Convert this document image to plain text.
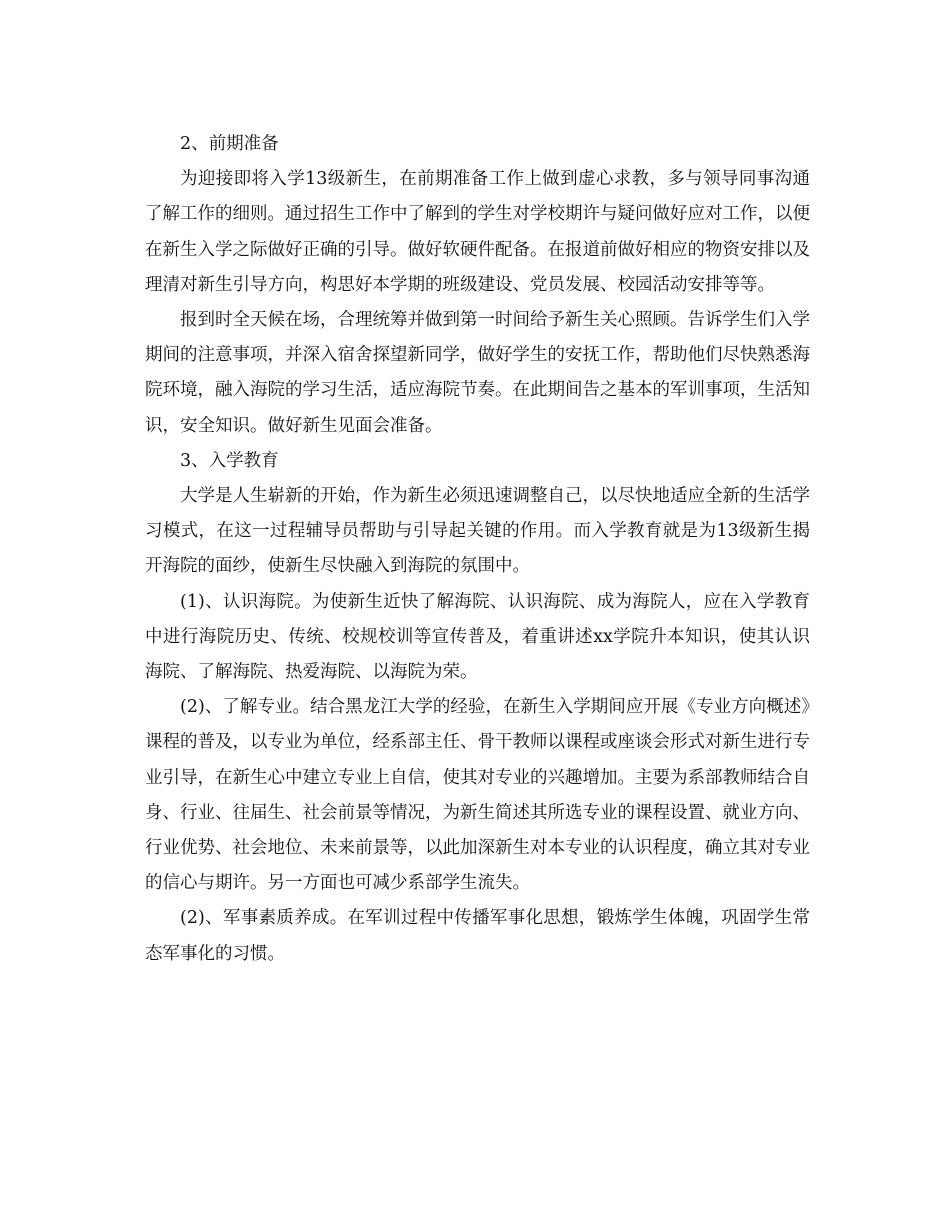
2、前期准备

为迎接即将入学13级新生，在前期准备工作上做到虚心求教，多与领导同事沟通了解工作的细则。通过招生工作中了解到的学生对学校期许与疑问做好应对工作，以便在新生入学之际做好正确的引导。做好软硬件配备。在报道前做好相应的物资安排以及理清对新生引导方向，构思好本学期的班级建设、党员发展、校园活动安排等等。

报到时全天候在场，合理统筹并做到第一时间给予新生关心照顾。告诉学生们入学期间的注意事项，并深入宿舍探望新同学，做好学生的安抚工作，帮助他们尽快熟悉海院环境，融入海院的学习生活，适应海院节奏。在此期间告之基本的军训事项，生活知识，安全知识。做好新生见面会准备。

3、入学教育

大学是人生崭新的开始，作为新生必须迅速调整自己，以尽快地适应全新的生活学习模式，在这一过程辅导员帮助与引导起关键的作用。而入学教育就是为13级新生揭开海院的面纱，使新生尽快融入到海院的氛围中。

(1)、认识海院。为使新生近快了解海院、认识海院、成为海院人，应在入学教育中进行海院历史、传统、校规校训等宣传普及，着重讲述xx学院升本知识，使其认识海院、了解海院、热爱海院、以海院为荣。

(2)、了解专业。结合黑龙江大学的经验，在新生入学期间应开展《专业方向概述》课程的普及，以专业为单位，经系部主任、骨干教师以课程或座谈会形式对新生进行专业引导，在新生心中建立专业上自信，使其对专业的兴趣增加。主要为系部教师结合自身、行业、往届生、社会前景等情况，为新生简述其所选专业的课程设置、就业方向、行业优势、社会地位、未来前景等，以此加深新生对本专业的认识程度，确立其对专业的信心与期许。另一方面也可减少系部学生流失。

(2)、军事素质养成。在军训过程中传播军事化思想，锻炼学生体魄，巩固学生常态军事化的习惯。
